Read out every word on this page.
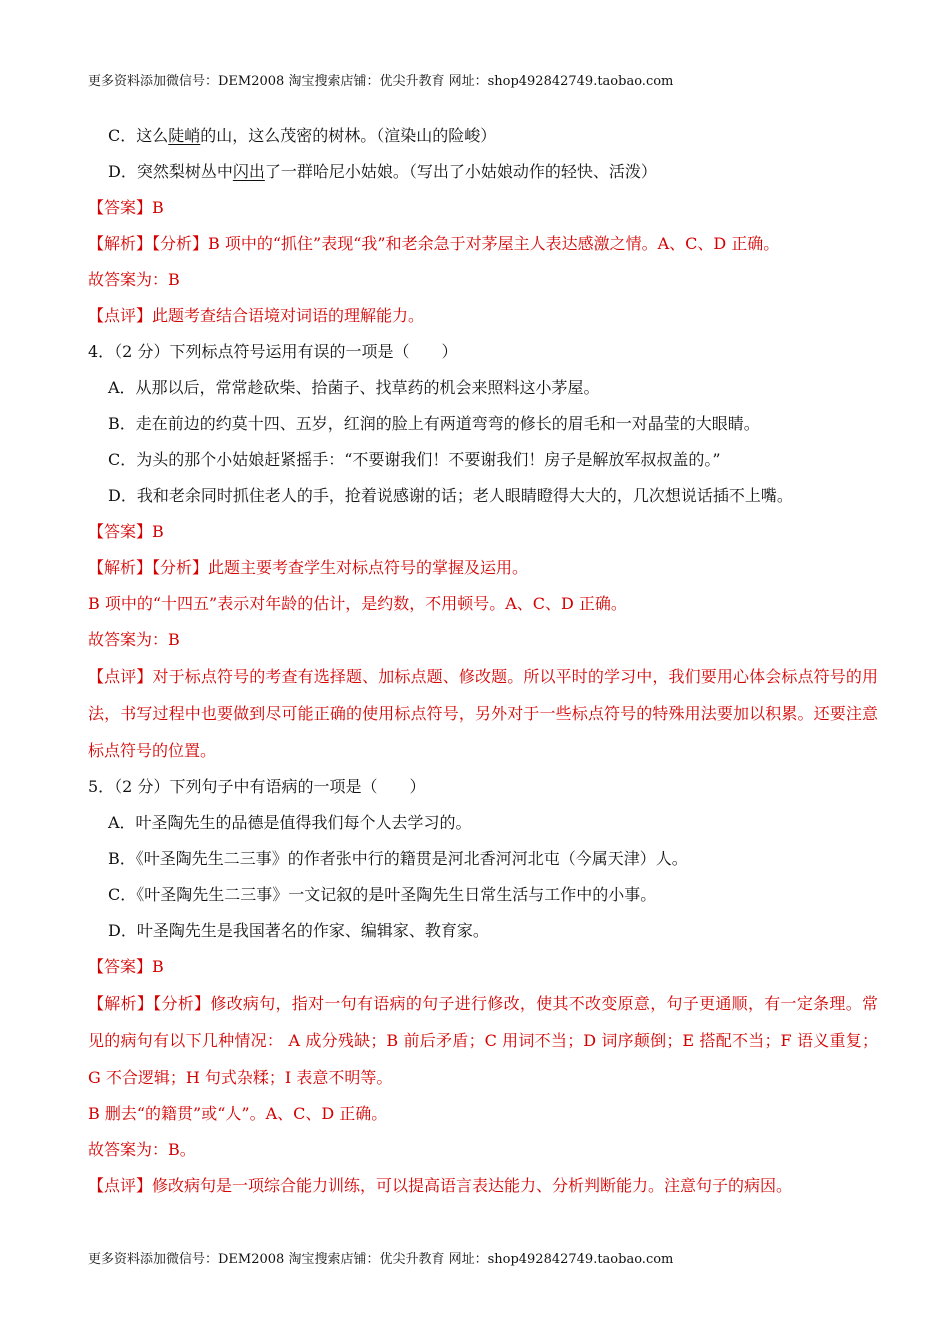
更多资料添加微信号：DEM2008 淘宝搜索店铺：优尖升教育 网址：shop492842749.taobao.com
C．这么陡峭的山，这么茂密的树林。（渲染山的险峻）
D．突然梨树丛中闪出了一群哈尼小姑娘。（写出了小姑娘动作的轻快、活泼）
【答案】B
【解析】【分析】B 项中的“抓住”表现“我”和老余急于对茅屋主人表达感激之情。A、C、D 正确。
故答案为：B
【点评】此题考查结合语境对词语的理解能力。
4．（2 分）下列标点符号运用有误的一项是（　　）
A．从那以后，常常趁砍柴、拾菌子、找草药的机会来照料这小茅屋。
B．走在前边的约莫十四、五岁，红润的脸上有两道弯弯的修长的眉毛和一对晶莹的大眼睛。
C．为头的那个小姑娘赶紧摇手：“不要谢我们！不要谢我们！房子是解放军叔叔盖的。”
D．我和老余同时抓住老人的手，抢着说感谢的话；老人眼睛瞪得大大的，几次想说话插不上嘴。
【答案】B
【解析】【分析】此题主要考查学生对标点符号的掌握及运用。
B 项中的“十四五”表示对年龄的估计，是约数，不用顿号。A、C、D 正确。
故答案为：B
【点评】对于标点符号的考查有选择题、加标点题、修改题。所以平时的学习中，我们要用心体会标点符号的用法，书写过程中也要做到尽可能正确的使用标点符号，另外对于一些标点符号的特殊用法要加以积累。还要注意标点符号的位置。
5．（2 分）下列句子中有语病的一项是（　　）
A．叶圣陶先生的品德是值得我们每个人去学习的。
B．《叶圣陶先生二三事》的作者张中行的籍贯是河北香河河北屯（今属天津）人。
C．《叶圣陶先生二三事》一文记叙的是叶圣陶先生日常生活与工作中的小事。
D．叶圣陶先生是我国著名的作家、编辑家、教育家。
【答案】B
【解析】【分析】修改病句，指对一句有语病的句子进行修改，使其不改变原意，句子更通顺，有一定条理。常见的病句有以下几种情况： A 成分残缺；B 前后矛盾；C 用词不当；D 词序颠倒；E 搭配不当；F 语义重复；G 不合逻辑；H 句式杂糅；I 表意不明等。
B 删去“的籍贯”或“人”。A、C、D 正确。
故答案为：B。
【点评】修改病句是一项综合能力训练，可以提高语言表达能力、分析判断能力。注意句子的病因。
更多资料添加微信号：DEM2008 淘宝搜索店铺：优尖升教育 网址：shop492842749.taobao.com
